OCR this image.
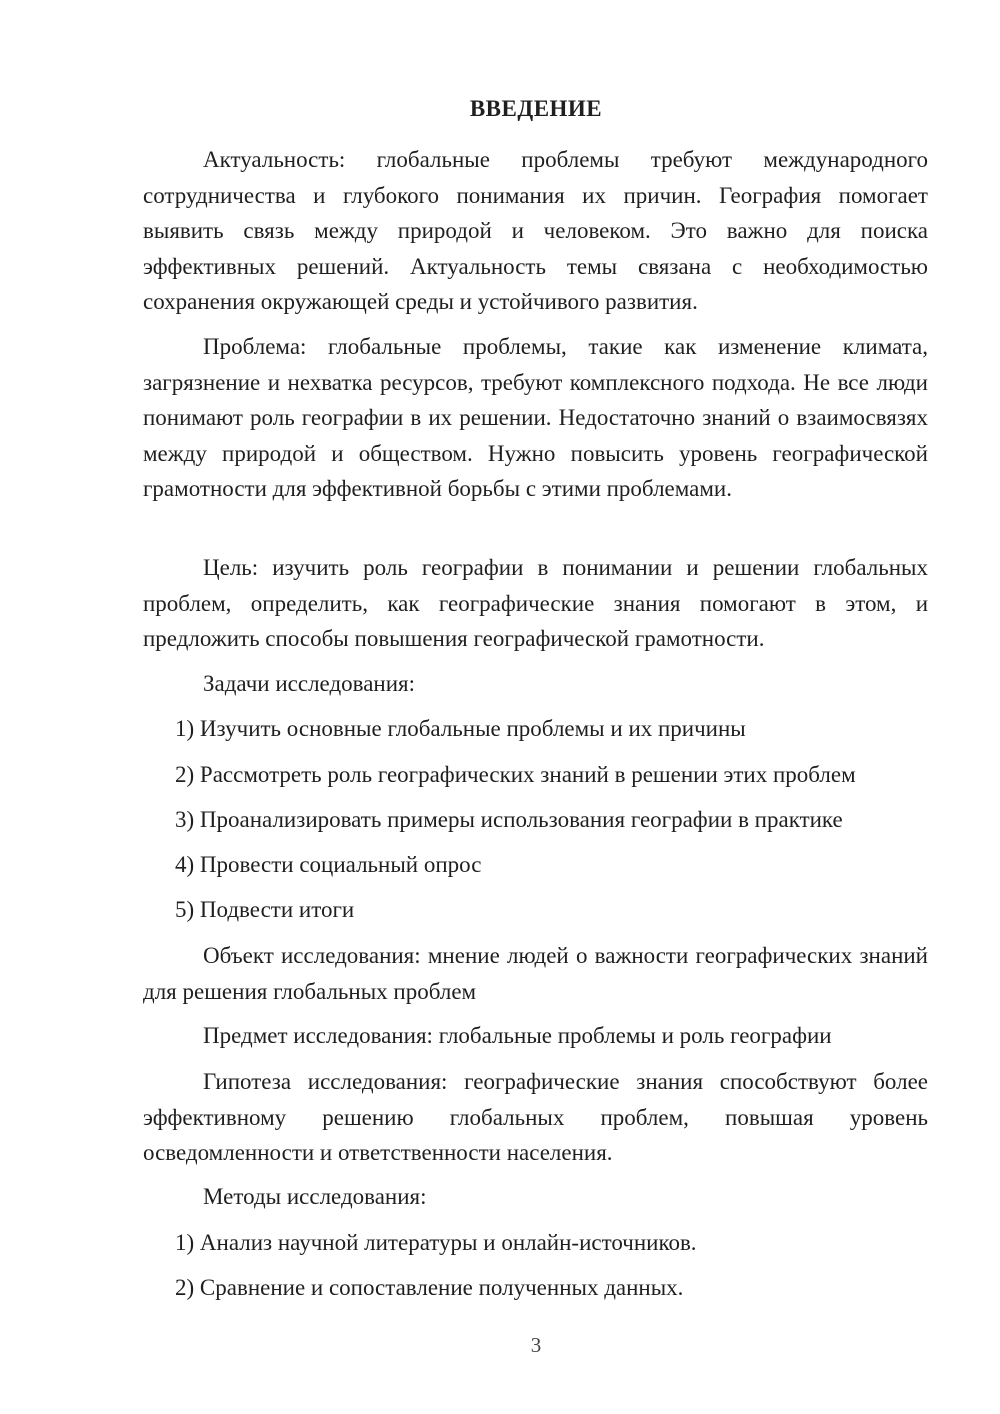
ВВЕДЕНИЕ

Актуальность: глобальные проблемы требуют международного сотрудничества и глубокого понимания их причин. География помогает выявить связь между природой и человеком. Это важно для поиска эффективных решений. Актуальность темы связана с необходимостью сохранения окружающей среды и устойчивого развития.

Проблема: глобальные проблемы, такие как изменение климата, загрязнение и нехватка ресурсов, требуют комплексного подхода. Не все люди понимают роль географии в их решении. Недостаточно знаний о взаимосвязях между природой и обществом. Нужно повысить уровень географической грамотности для эффективной борьбы с этими проблемами.

Цель: изучить роль географии в понимании и решении глобальных проблем, определить, как географические знания помогают в этом, и предложить способы повышения географической грамотности.

Задачи исследования:

1) Изучить основные глобальные проблемы и их причины

2) Рассмотреть роль географических знаний в решении этих проблем

3) Проанализировать примеры использования географии в практике

4) Провести социальный опрос

5) Подвести итоги

Объект исследования: мнение людей о важности географических знаний для решения глобальных проблем

Предмет исследования: глобальные проблемы и роль географии

Гипотеза исследования: географические знания способствуют более эффективному решению глобальных проблем, повышая уровень осведомленности и ответственности населения.

Методы исследования:

1) Анализ научной литературы и онлайн-источников.

2) Сравнение и сопоставление полученных данных.

3
